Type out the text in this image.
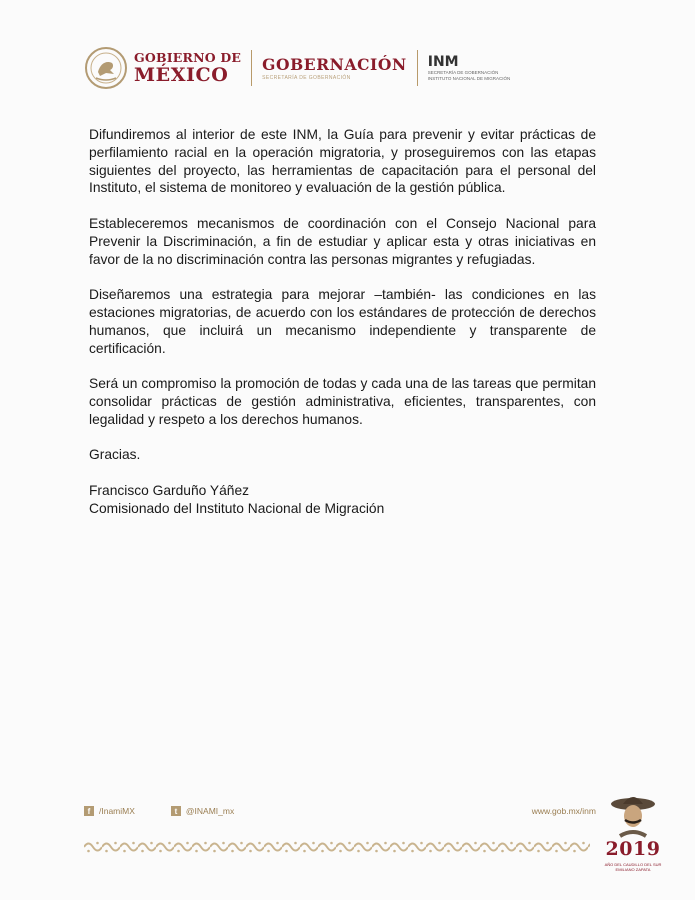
GOBIERNO DE
MÉXICO	GOBERNACIÓN
SECRETARÍA DE GOBERNACIÓN
INM
SECRETARÍA DE GOBERNACIÓN
INSTITUTO NACIONAL DE MIGRACIÓN

Difundiremos al interior de este INM, la Guía para prevenir y evitar prácticas de perfilamiento racial en la operación migratoria, y proseguiremos con las etapas siguientes del proyecto, las herramientas de capacitación para el personal del Instituto, el sistema de monitoreo y evaluación de la gestión pública.

Estableceremos mecanismos de coordinación con el Consejo Nacional para Prevenir la Discriminación, a fin de estudiar y aplicar esta y otras iniciativas en favor de la no discriminación contra las personas migrantes y refugiadas.

Diseñaremos una estrategia para mejorar –también- las condiciones en las estaciones migratorias, de acuerdo con los estándares de protección de derechos humanos, que incluirá un mecanismo independiente y transparente de certificación.

Será un compromiso la promoción de todas y cada una de las tareas que permitan consolidar prácticas de gestión administrativa, eficientes, transparentes, con legalidad y respeto a los derechos humanos.

Gracias.

Francisco Garduño Yáñez

Comisionado del Instituto Nacional de Migración

f	/InamiMX	t	@INAMI_mx	www.gob.mx/inm
2019
AÑO DEL CAUDILLO DEL SUR
EMILIANO ZAPATA
